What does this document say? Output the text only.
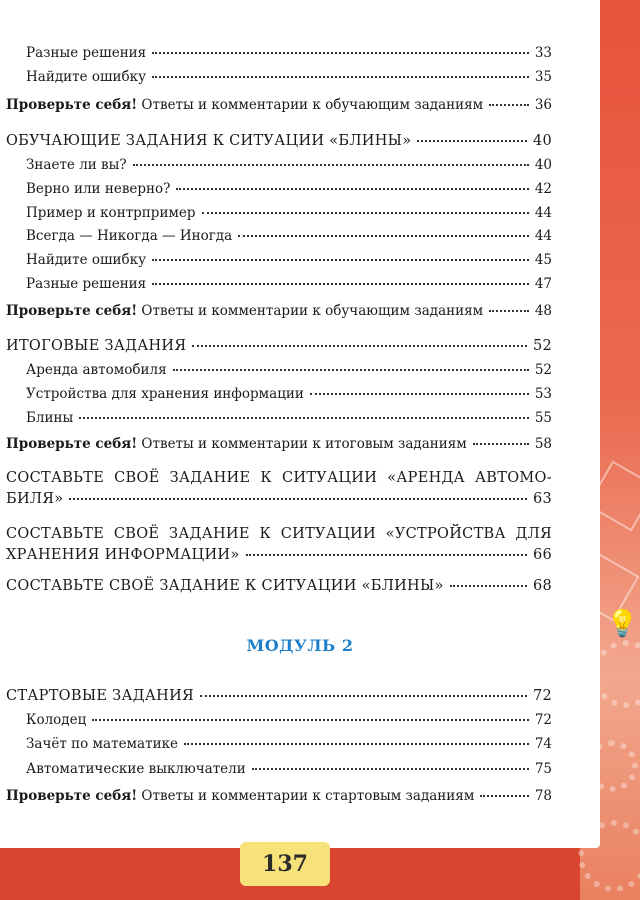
💡
Разные решения	33
Найдите ошибку	35
Проверьте себя! Ответы и комментарии к обучающим заданиям	36
ОБУЧАЮЩИЕ ЗАДАНИЯ К СИТУАЦИИ «БЛИНЫ»	40
Знаете ли вы?	40
Верно или неверно?	42
Пример и контрпример	44
Всегда — Никогда — Иногда	44
Найдите ошибку	45
Разные решения	47
Проверьте себя! Ответы и комментарии к обучающим заданиям	48
ИТОГОВЫЕ ЗАДАНИЯ	52
Аренда автомобиля	52
Устройства для хранения информации	53
Блины	55
Проверьте себя! Ответы и комментарии к итоговым заданиям	58
СОСТАВЬТЕ СВОЁ ЗАДАНИЕ К СИТУАЦИИ «АРЕНДА АВТОМО-
БИЛЯ»	63
СОСТАВЬТЕ СВОЁ ЗАДАНИЕ К СИТУАЦИИ «УСТРОЙСТВА ДЛЯ
ХРАНЕНИЯ ИНФОРМАЦИИ»	66
СОСТАВЬТЕ СВОЁ ЗАДАНИЕ К СИТУАЦИИ «БЛИНЫ»	68
МОДУЛЬ 2
СТАРТОВЫЕ ЗАДАНИЯ	72
Колодец	72
Зачёт по математике	74
Автоматические выключатели	75
Проверьте себя! Ответы и комментарии к стартовым заданиям	78
137
